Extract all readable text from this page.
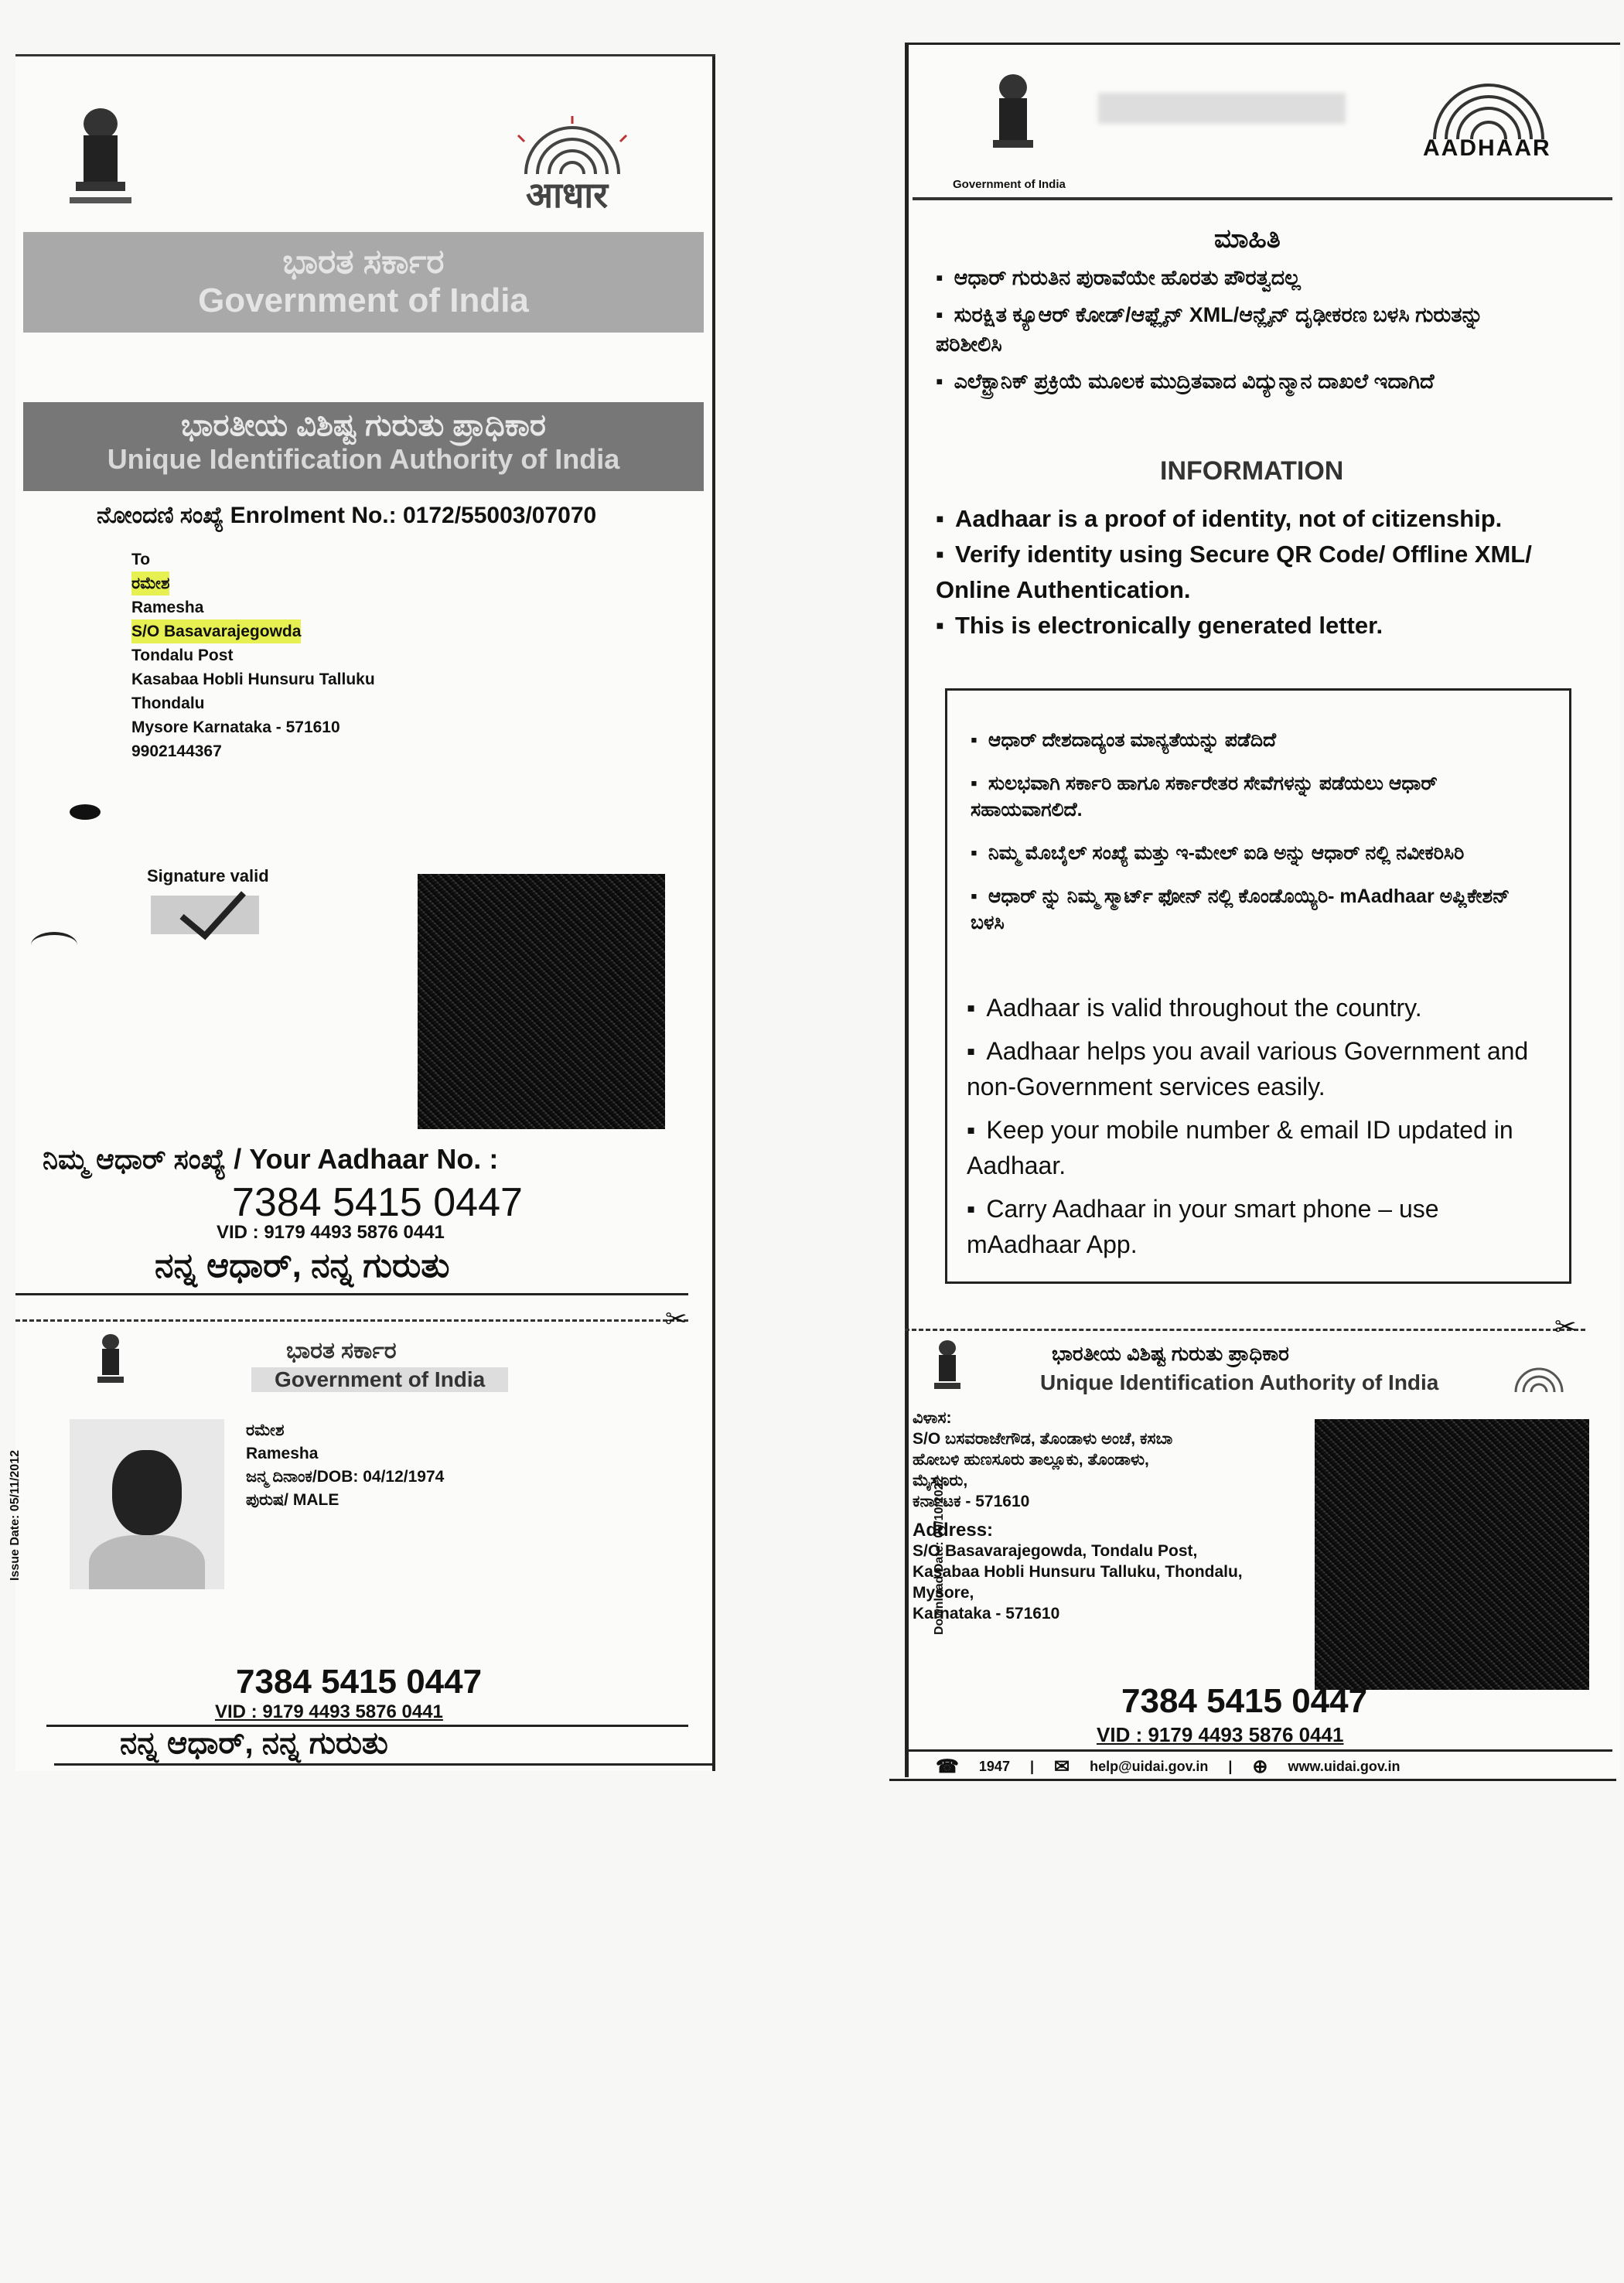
आधार
ಭಾರತ ಸರ್ಕಾರ
Government of India
ಭಾರತೀಯ ವಿಶಿಷ್ಟ ಗುರುತು ಪ್ರಾಧಿಕಾರ
Unique Identification Authority of India
ನೋಂದಣಿ ಸಂಖ್ಯೆ Enrolment No.: 0172/55003/07070
To
ರಮೇಶ
Ramesha
S/O Basavarajegowda
Tondalu Post
Kasabaa Hobli Hunsuru Talluku
Thondalu
Mysore Karnataka - 571610
9902144367
Signature valid
ನಿಮ್ಮ ಆಧಾರ್ ಸಂಖ್ಯೆ / Your Aadhaar No. :
7384 5415 0447
VID : 9179 4493 5876 0441
ನನ್ನ ಆಧಾರ್, ನನ್ನ ಗುರುತು
✂
ಭಾರತ ಸರ್ಕಾರ
Government of India
Issue Date: 05/11/2012
ರಮೇಶ
Ramesha
ಜನ್ಮ ದಿನಾಂಕ/DOB: 04/12/1974
ಪುರುಷ/ MALE
7384 5415 0447
VID : 9179 4493 5876 0441
ನನ್ನ ಆಧಾರ್, ನನ್ನ ಗುರುತು
Government of India
AADHAAR
ಮಾಹಿತಿ
▪ ಆಧಾರ್ ಗುರುತಿನ ಪುರಾವೆಯೇ ಹೊರತು ಪೌರತ್ವದಲ್ಲ
▪ ಸುರಕ್ಷಿತ ಕ್ಯೂಆರ್ ಕೋಡ್/ಆಫ್ಲೈನ್ XML/ಆನ್ಲೈನ್ ದೃಢೀಕರಣ ಬಳಸಿ ಗುರುತನ್ನು ಪರಿಶೀಲಿಸಿ
▪ ಎಲೆಕ್ಟ್ರಾನಿಕ್ ಪ್ರಕ್ರಿಯೆ ಮೂಲಕ ಮುದ್ರಿತವಾದ ವಿದ್ಯುನ್ಮಾನ ದಾಖಲೆ ಇದಾಗಿದೆ
INFORMATION
▪ Aadhaar is a proof of identity, not of citizenship.
▪ Verify identity using Secure QR Code/ Offline XML/ Online Authentication.
▪ This is electronically generated letter.
▪ ಆಧಾರ್ ದೇಶದಾದ್ಯಂತ ಮಾನ್ಯತೆಯನ್ನು ಪಡೆದಿದೆ
▪ ಸುಲಭವಾಗಿ ಸರ್ಕಾರಿ ಹಾಗೂ ಸರ್ಕಾರೇತರ ಸೇವೆಗಳನ್ನು ಪಡೆಯಲು ಆಧಾರ್ ಸಹಾಯವಾಗಲಿದೆ.
▪ ನಿಮ್ಮ ಮೊಬೈಲ್ ಸಂಖ್ಯೆ ಮತ್ತು ಇ-ಮೇಲ್ ಐಡಿ ಅನ್ನು ಆಧಾರ್ ನಲ್ಲಿ ನವೀಕರಿಸಿರಿ
▪ ಆಧಾರ್ ನ್ನು ನಿಮ್ಮ ಸ್ಮಾರ್ಟ್ ಫೋನ್ ನಲ್ಲಿ ಕೊಂಡೊಯ್ಯಿರಿ- mAadhaar ಅಪ್ಲಿಕೇಶನ್ ಬಳಸಿ
▪ Aadhaar is valid throughout the country.
▪ Aadhaar helps you avail various Government and non-Government services easily.
▪ Keep your mobile number & email ID updated in Aadhaar.
▪ Carry Aadhaar in your smart phone – use mAadhaar App.
✂
ಭಾರತೀಯ ವಿಶಿಷ್ಟ ಗುರುತು ಪ್ರಾಧಿಕಾರ
Unique Identification Authority of India
Download Date: 09/10/2022
ವಿಳಾಸ:
S/O ಬಸವರಾಜೇಗೌಡ, ತೊಂಡಾಳು ಅಂಚೆ, ಕಸಬಾ
ಹೋಬಳಿ ಹುಣಸೂರು ತಾಲ್ಲೂಕು, ತೊಂಡಾಳು,
ಮೈಸೂರು,
ಕರ್ನಾಟಕ - 571610
Address:
S/O Basavarajegowda, Tondalu Post,
Kasabaa Hobli Hunsuru Talluku, Thondalu,
Mysore,
Karnataka - 571610
7384 5415 0447
VID : 9179 4493 5876 0441
☎ 1947 | ✉ help@uidai.gov.in | ⊕ www.uidai.gov.in
